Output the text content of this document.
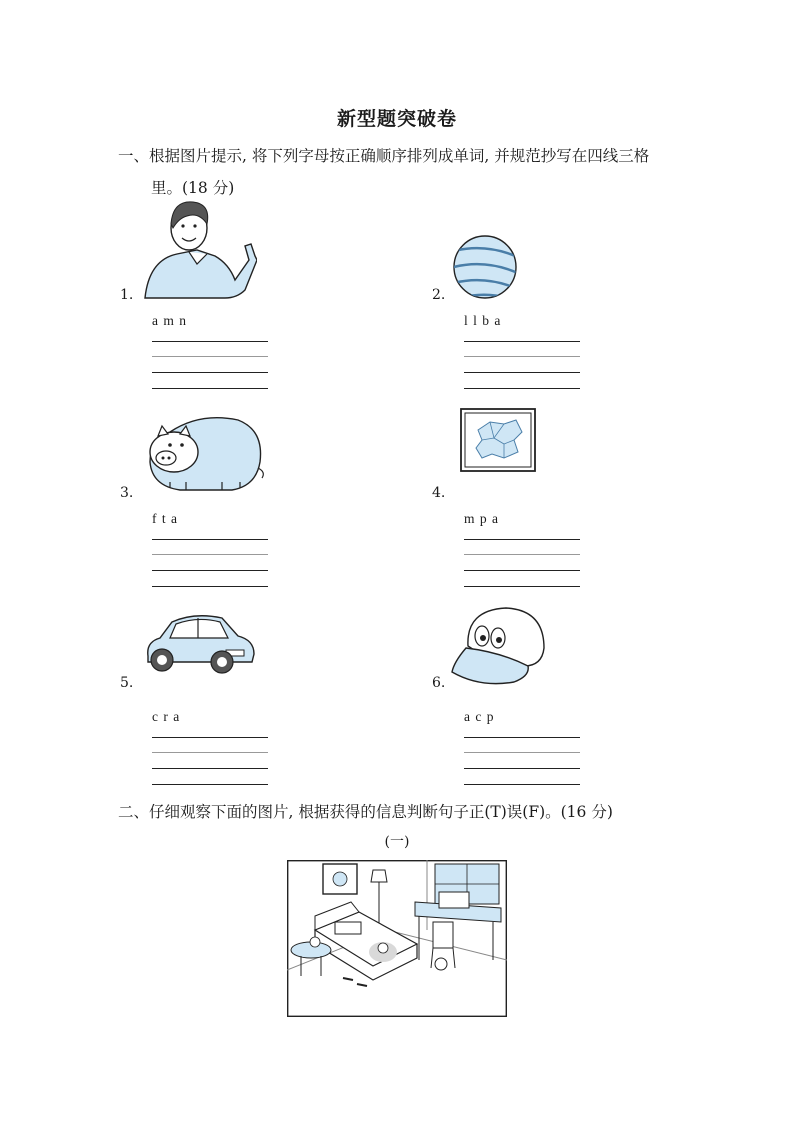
新型题突破卷
一、根据图片提示, 将下列字母按正确顺序排列成单词, 并规范抄写在四线三格
里。(18 分)
1.
a m n
2.
l l b a
3.
f t a
4.
m p a
5.
c r a
6.
a c p
二、仔细观察下面的图片, 根据获得的信息判断句子正(T)误(F)。(16 分)
(一)
